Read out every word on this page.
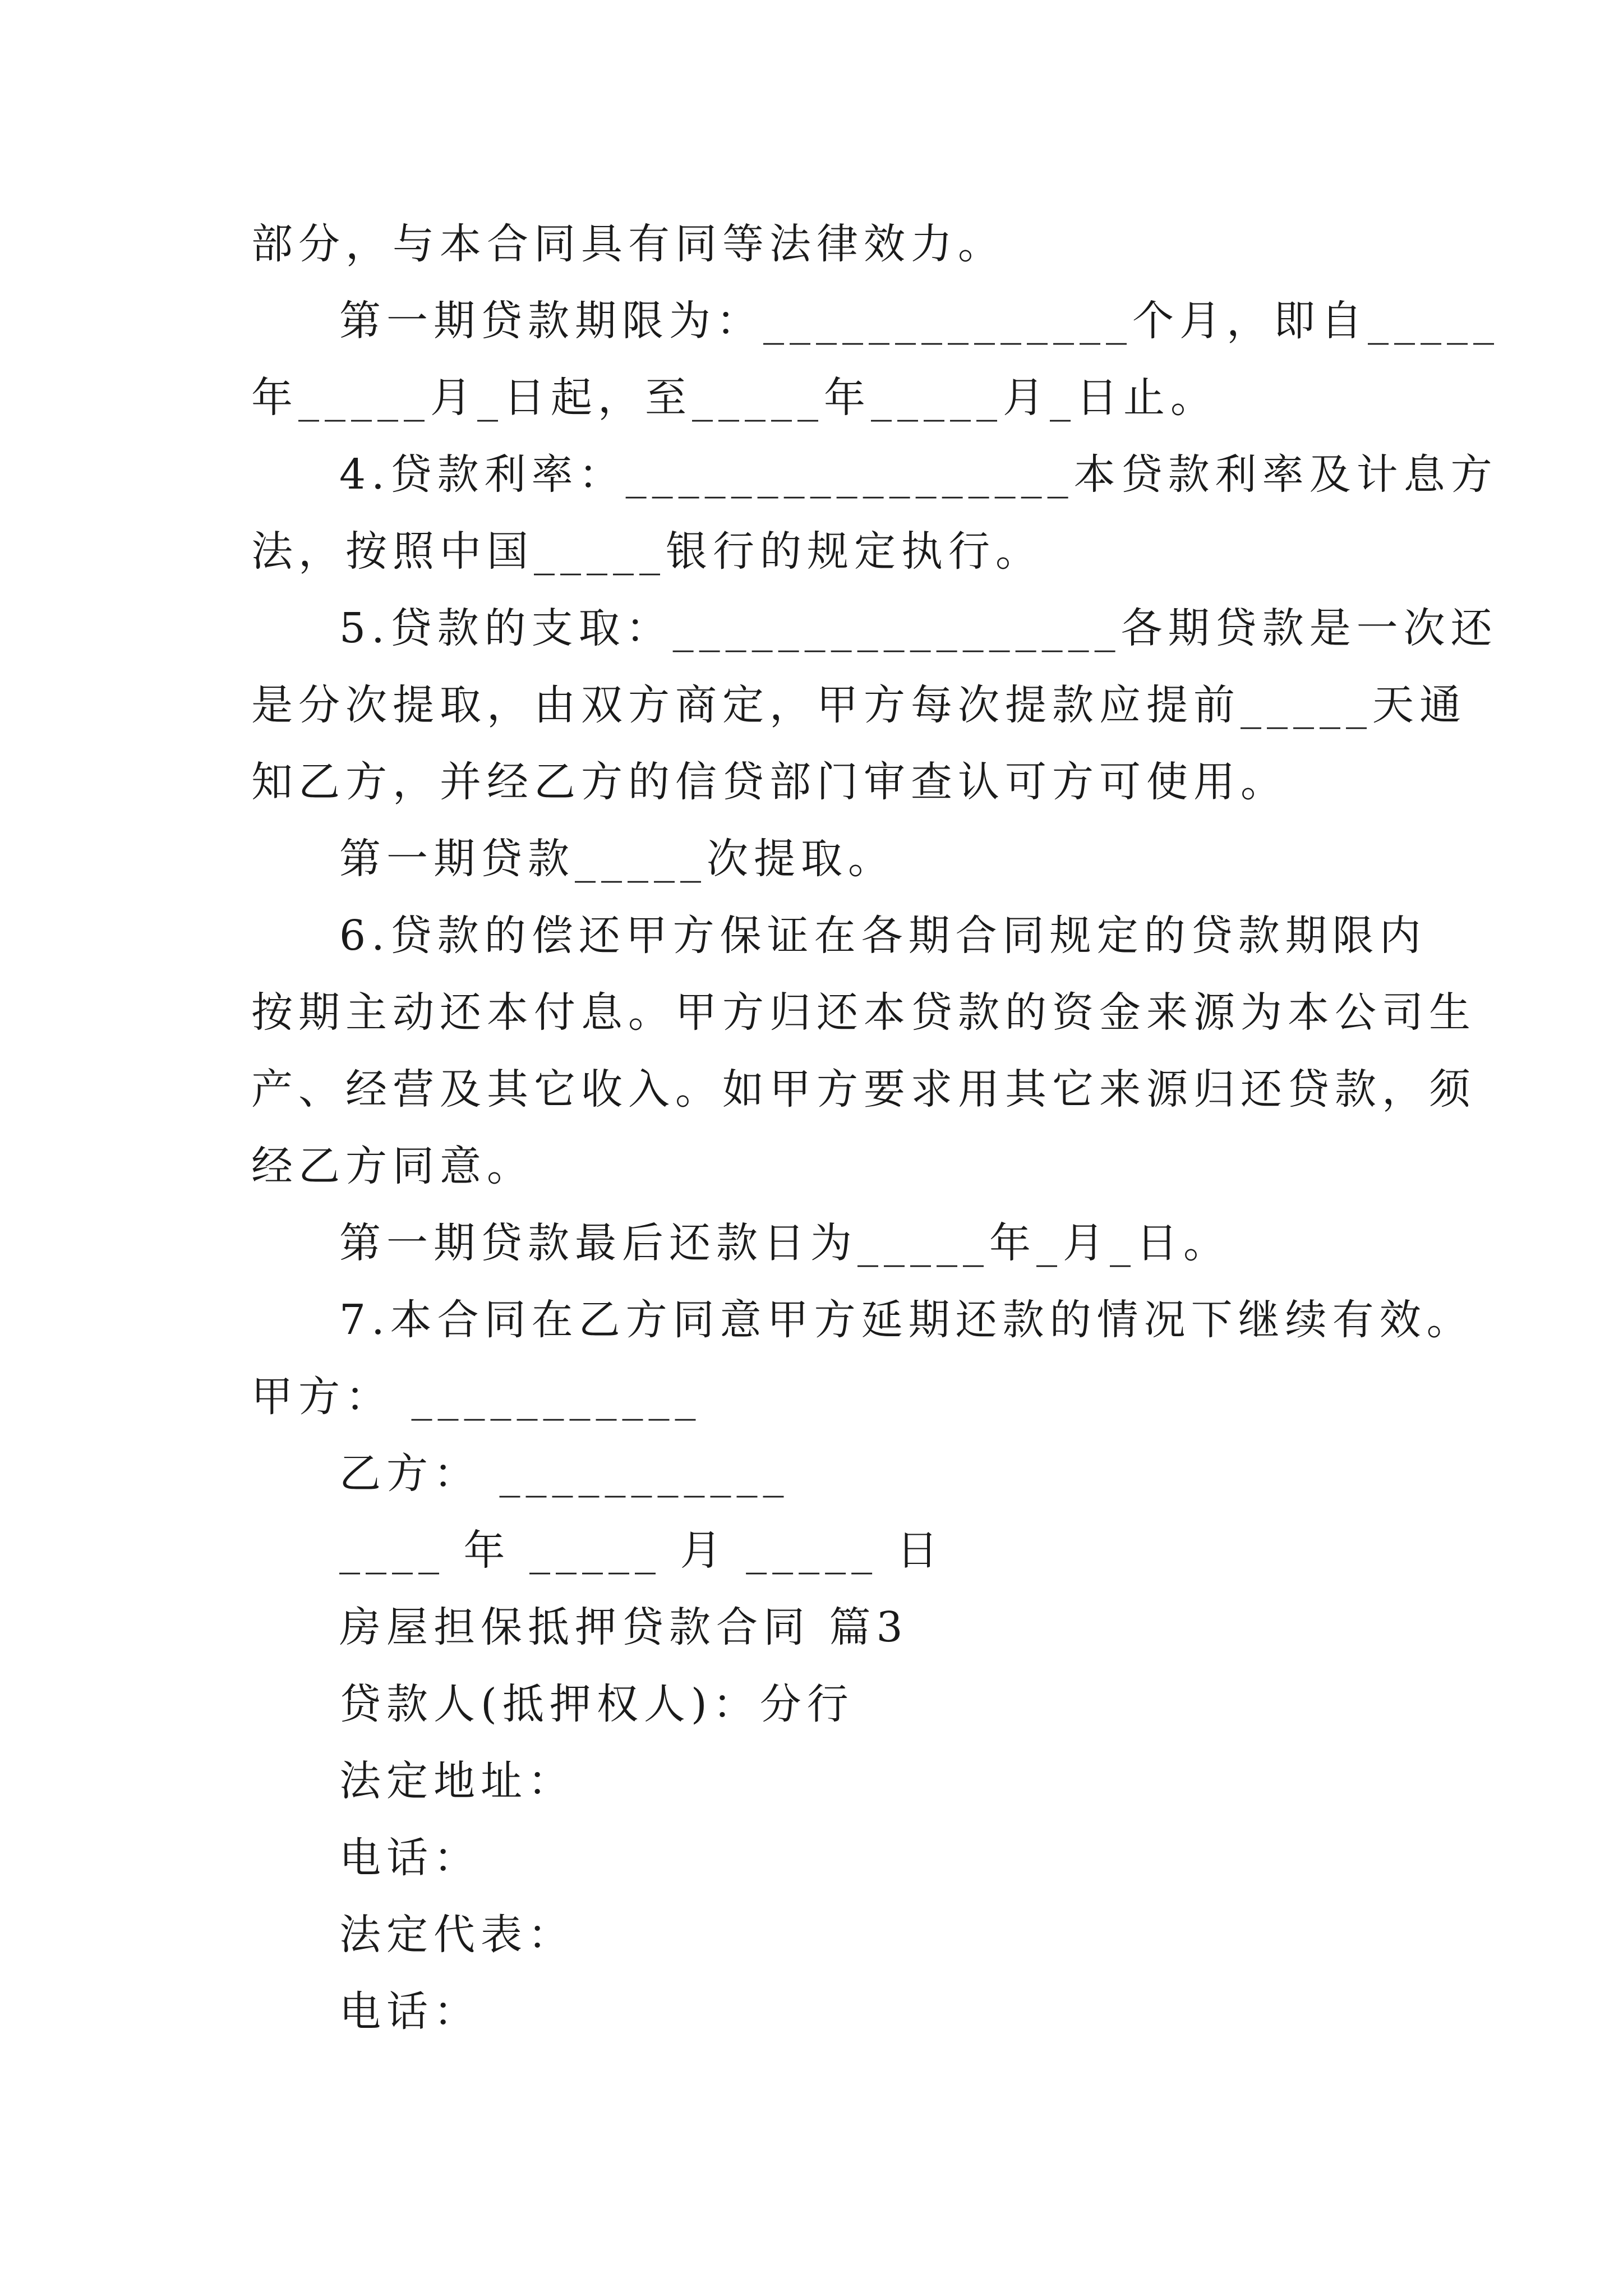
部分，与本合同具有同等法律效力。
第一期贷款期限为：______________个月，即自_____
年_____月_日起，至_____年_____月_日止。
4.贷款利率：_________________本贷款利率及计息方
法，按照中国_____银行的规定执行。
5.贷款的支取：_________________各期贷款是一次还
是分次提取，由双方商定，甲方每次提款应提前_____天通
知乙方，并经乙方的信贷部门审查认可方可使用。
第一期贷款_____次提取。
6.贷款的偿还甲方保证在各期合同规定的贷款期限内
按期主动还本付息。甲方归还本贷款的资金来源为本公司生
产、经营及其它收入。如甲方要求用其它来源归还贷款，须
经乙方同意。
第一期贷款最后还款日为_____年_月_日。
7.本合同在乙方同意甲方延期还款的情况下继续有效。
甲方： ___________
乙方： ___________
____ 年 _____ 月 _____ 日
房屋担保抵押贷款合同 篇3
贷款人(抵押权人)：分行
法定地址：
电话：
法定代表：
电话：
